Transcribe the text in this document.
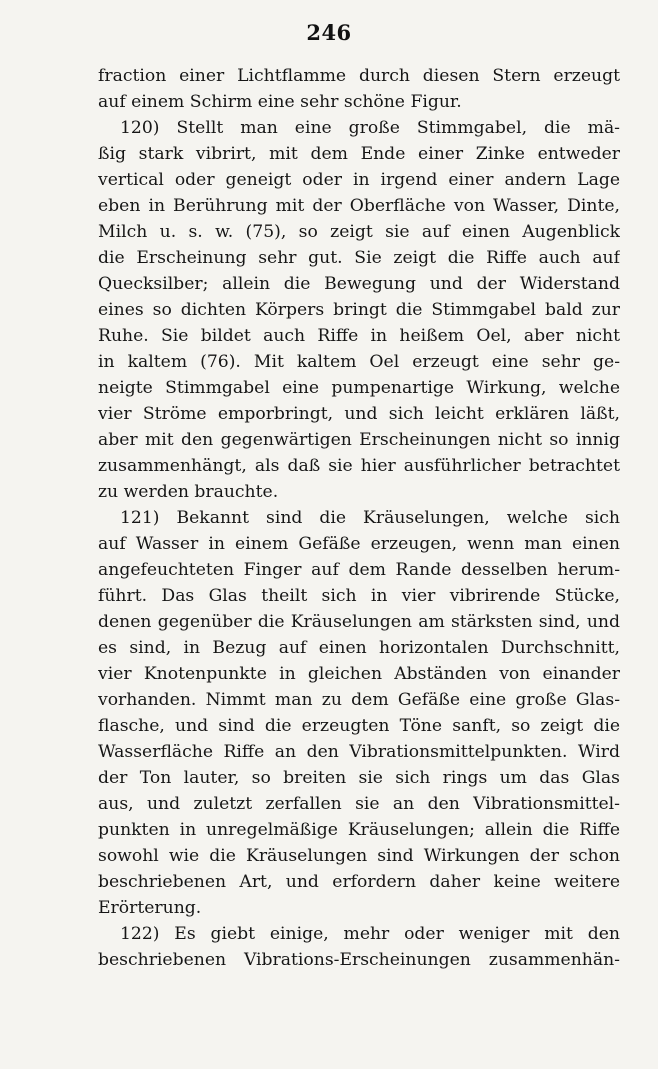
246
fraction einer Lichtflamme durch diesen Stern erzeugt
auf einem Schirm eine sehr schöne Figur.
120) Stellt man eine große Stimmgabel, die mä-
ßig stark vibrirt, mit dem Ende einer Zinke entweder
vertical oder geneigt oder in irgend einer andern Lage
eben in Berührung mit der Oberfläche von Wasser, Dinte,
Milch u. s. w. (75), so zeigt sie auf einen Augenblick
die Erscheinung sehr gut. Sie zeigt die Riffe auch auf
Quecksilber; allein die Bewegung und der Widerstand
eines so dichten Körpers bringt die Stimmgabel bald zur
Ruhe. Sie bildet auch Riffe in heißem Oel, aber nicht
in kaltem (76). Mit kaltem Oel erzeugt eine sehr ge-
neigte Stimmgabel eine pumpenartige Wirkung, welche
vier Ströme emporbringt, und sich leicht erklären läßt,
aber mit den gegenwärtigen Erscheinungen nicht so innig
zusammenhängt, als daß sie hier ausführlicher betrachtet
zu werden brauchte.
121) Bekannt sind die Kräuselungen, welche sich
auf Wasser in einem Gefäße erzeugen, wenn man einen
angefeuchteten Finger auf dem Rande desselben herum-
führt. Das Glas theilt sich in vier vibrirende Stücke,
denen gegenüber die Kräuselungen am stärksten sind, und
es sind, in Bezug auf einen horizontalen Durchschnitt,
vier Knotenpunkte in gleichen Abständen von einander
vorhanden. Nimmt man zu dem Gefäße eine große Glas-
flasche, und sind die erzeugten Töne sanft, so zeigt die
Wasserfläche Riffe an den Vibrationsmittelpunkten. Wird
der Ton lauter, so breiten sie sich rings um das Glas
aus, und zuletzt zerfallen sie an den Vibrationsmittel-
punkten in unregelmäßige Kräuselungen; allein die Riffe
sowohl wie die Kräuselungen sind Wirkungen der schon
beschriebenen Art, und erfordern daher keine weitere
Erörterung.
122) Es giebt einige, mehr oder weniger mit den
beschriebenen Vibrations-Erscheinungen zusammenhän-
